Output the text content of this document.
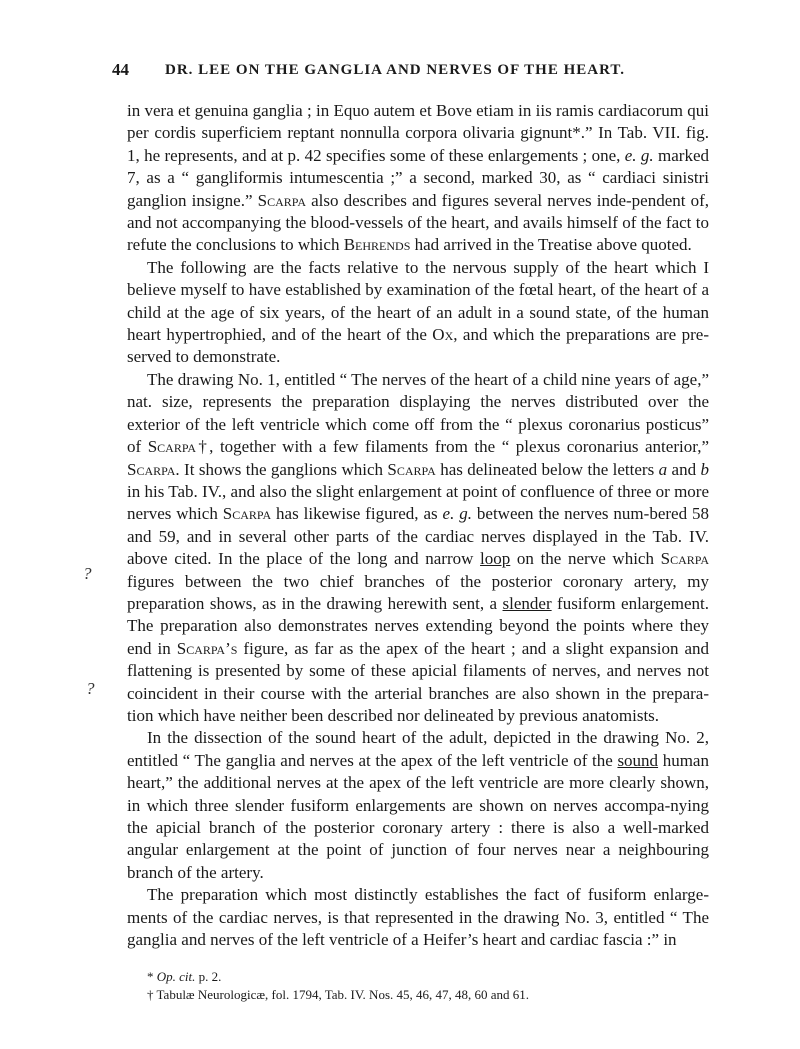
44 DR. LEE ON THE GANGLIA AND NERVES OF THE HEART.

in vera et genuina ganglia ; in Equo autem et Bove etiam in iis ramis cardiacorum qui per cordis superficiem reptant nonnulla corpora olivaria gignunt*.” In Tab. VII. fig. 1, he represents, and at p. 42 specifies some of these enlargements ; one, e. g. marked 7, as a “ gangliformis intumescentia ;” a second, marked 30, as “ cardiaci sinistri ganglion insigne.” Scarpa also describes and figures several nerves inde-pendent of, and not accompanying the blood-vessels of the heart, and avails himself of the fact to refute the conclusions to which Behrends had arrived in the Treatise above quoted.

The following are the facts relative to the nervous supply of the heart which I believe myself to have established by examination of the fœtal heart, of the heart of a child at the age of six years, of the heart of an adult in a sound state, of the human heart hypertrophied, and of the heart of the Ox, and which the preparations are pre-served to demonstrate.

The drawing No. 1, entitled “ The nerves of the heart of a child nine years of age,” nat. size, represents the preparation displaying the nerves distributed over the exterior of the left ventricle which come off from the “ plexus coronarius posticus” of Scarpa†, together with a few filaments from the “ plexus coronarius anterior,” Scarpa. It shows the ganglions which Scarpa has delineated below the letters a and b in his Tab. IV., and also the slight enlargement at point of confluence of three or more nerves which Scarpa has likewise figured, as e. g. between the nerves num-bered 58 and 59, and in several other parts of the cardiac nerves displayed in the Tab. IV. above cited. In the place of the long and narrow loop on the nerve which Scarpa figures between the two chief branches of the posterior coronary artery, my preparation shows, as in the drawing herewith sent, a slender fusiform enlargement. The preparation also demonstrates nerves extending beyond the points where they end in Scarpa’s figure, as far as the apex of the heart ; and a slight expansion and flattening is presented by some of these apicial filaments of nerves, and nerves not coincident in their course with the arterial branches are also shown in the prepara-tion which have neither been described nor delineated by previous anatomists.

In the dissection of the sound heart of the adult, depicted in the drawing No. 2, entitled “ The ganglia and nerves at the apex of the left ventricle of the sound human heart,” the additional nerves at the apex of the left ventricle are more clearly shown, in which three slender fusiform enlargements are shown on nerves accompa-nying the apicial branch of the posterior coronary artery : there is also a well-marked angular enlargement at the point of junction of four nerves near a neighbouring branch of the artery.

The preparation which most distinctly establishes the fact of fusiform enlarge-ments of the cardiac nerves, is that represented in the drawing No. 3, entitled “ The ganglia and nerves of the left ventricle of a Heifer’s heart and cardiac fascia :” in

?
?
* Op. cit. p. 2.
† Tabulæ Neurologicæ, fol. 1794, Tab. IV. Nos. 45, 46, 47, 48, 60 and 61.
